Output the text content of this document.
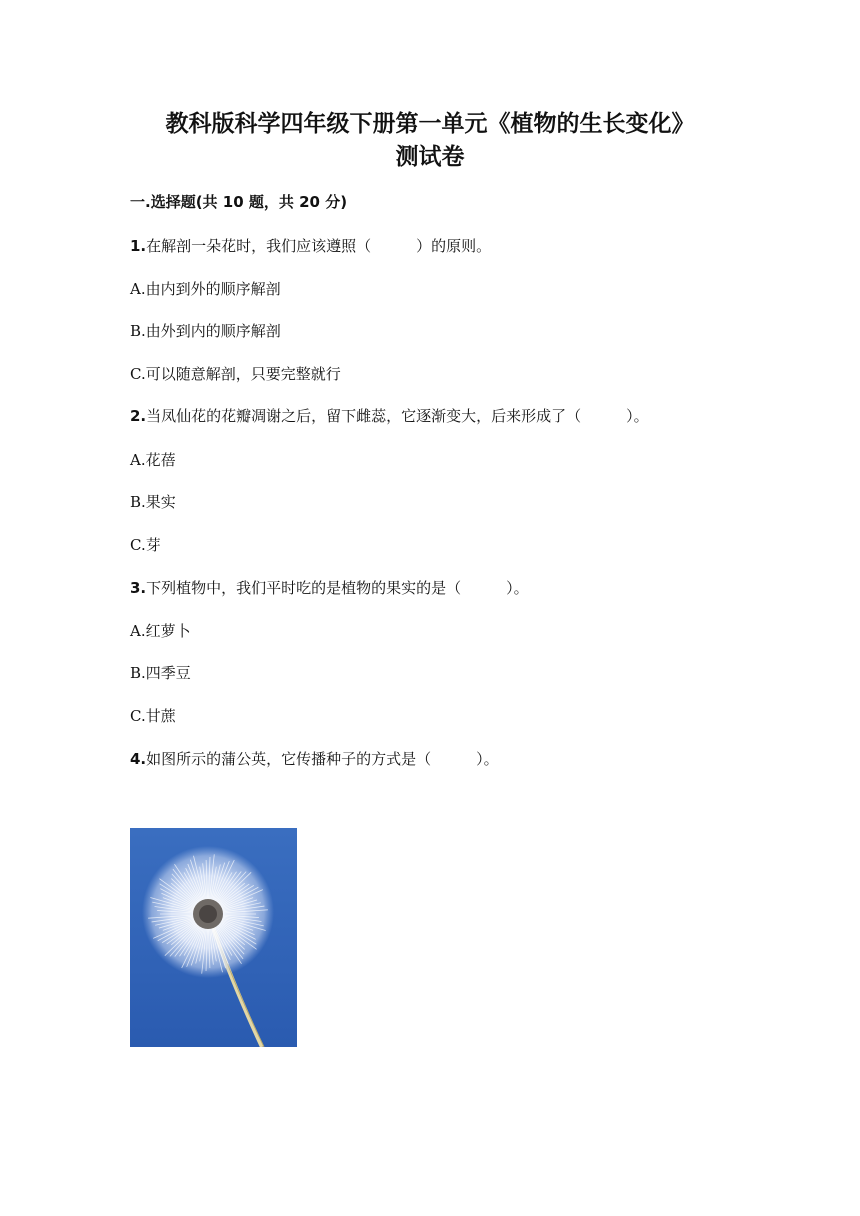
教科版科学四年级下册第一单元《植物的生长变化》
测试卷
一.选择题(共 10 题，共 20 分)
1.在解剖一朵花时，我们应该遵照（　　　）的原则。
A.由内到外的顺序解剖
B.由外到内的顺序解剖
C.可以随意解剖，只要完整就行
2.当凤仙花的花瓣凋谢之后，留下雌蕊，它逐渐变大，后来形成了（　　　）。
A.花蓓
B.果实
C.芽
3.下列植物中，我们平时吃的是植物的果实的是（　　　）。
A.红萝卜
B.四季豆
C.甘蔗
4.如图所示的蒲公英，它传播种子的方式是（　　　）。
